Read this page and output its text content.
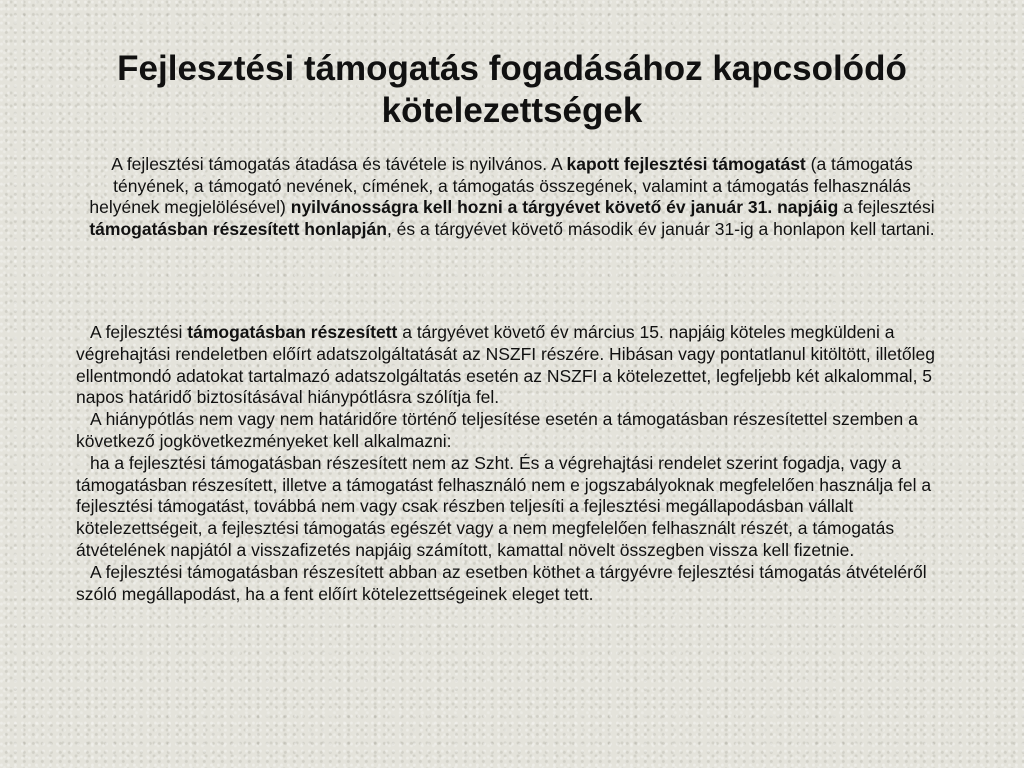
Fejlesztési támogatás fogadásához kapcsolódó
kötelezettségek
A fejlesztési támogatás átadása és távétele is nyilvános. A kapott fejlesztési támogatást (a támogatás tényének, a támogató nevének, címének, a támogatás összegének, valamint a támogatás felhasználás helyének megjelölésével) nyilvánosságra kell hozni a tárgyévet követő év január 31. napjáig a fejlesztési támogatásban részesített honlapján, és a tárgyévet követő második év január 31-ig a honlapon kell tartani.

A fejlesztési támogatásban részesített a tárgyévet követő év március 15. napjáig köteles megküldeni a végrehajtási rendeletben előírt adatszolgáltatását az NSZFI részére. Hibásan vagy pontatlanul kitöltött, illetőleg ellentmondó adatokat tartalmazó adatszolgáltatás esetén az NSZFI a kötelezettet, legfeljebb két alkalommal, 5 napos határidő biztosításával hiánypótlásra szólítja fel.

A hiánypótlás nem vagy nem határidőre történő teljesítése esetén a támogatásban részesítettel szemben a következő jogkövetkezményeket kell alkalmazni:

ha a fejlesztési támogatásban részesített nem az Szht. És a végrehajtási rendelet szerint fogadja, vagy a támogatásban részesített, illetve a támogatást felhasználó nem e jogszabályoknak megfelelően használja fel a fejlesztési támogatást, továbbá nem vagy csak részben teljesíti a fejlesztési megállapodásban vállalt kötelezettségeit, a fejlesztési támogatás egészét vagy a nem megfelelően felhasznált részét, a támogatás átvételének napjától a visszafizetés napjáig számított, kamattal növelt összegben vissza kell fizetnie.

A fejlesztési támogatásban részesített abban az esetben köthet a tárgyévre fejlesztési támogatás átvételéről szóló megállapodást, ha a fent előírt kötelezettségeinek eleget tett.
